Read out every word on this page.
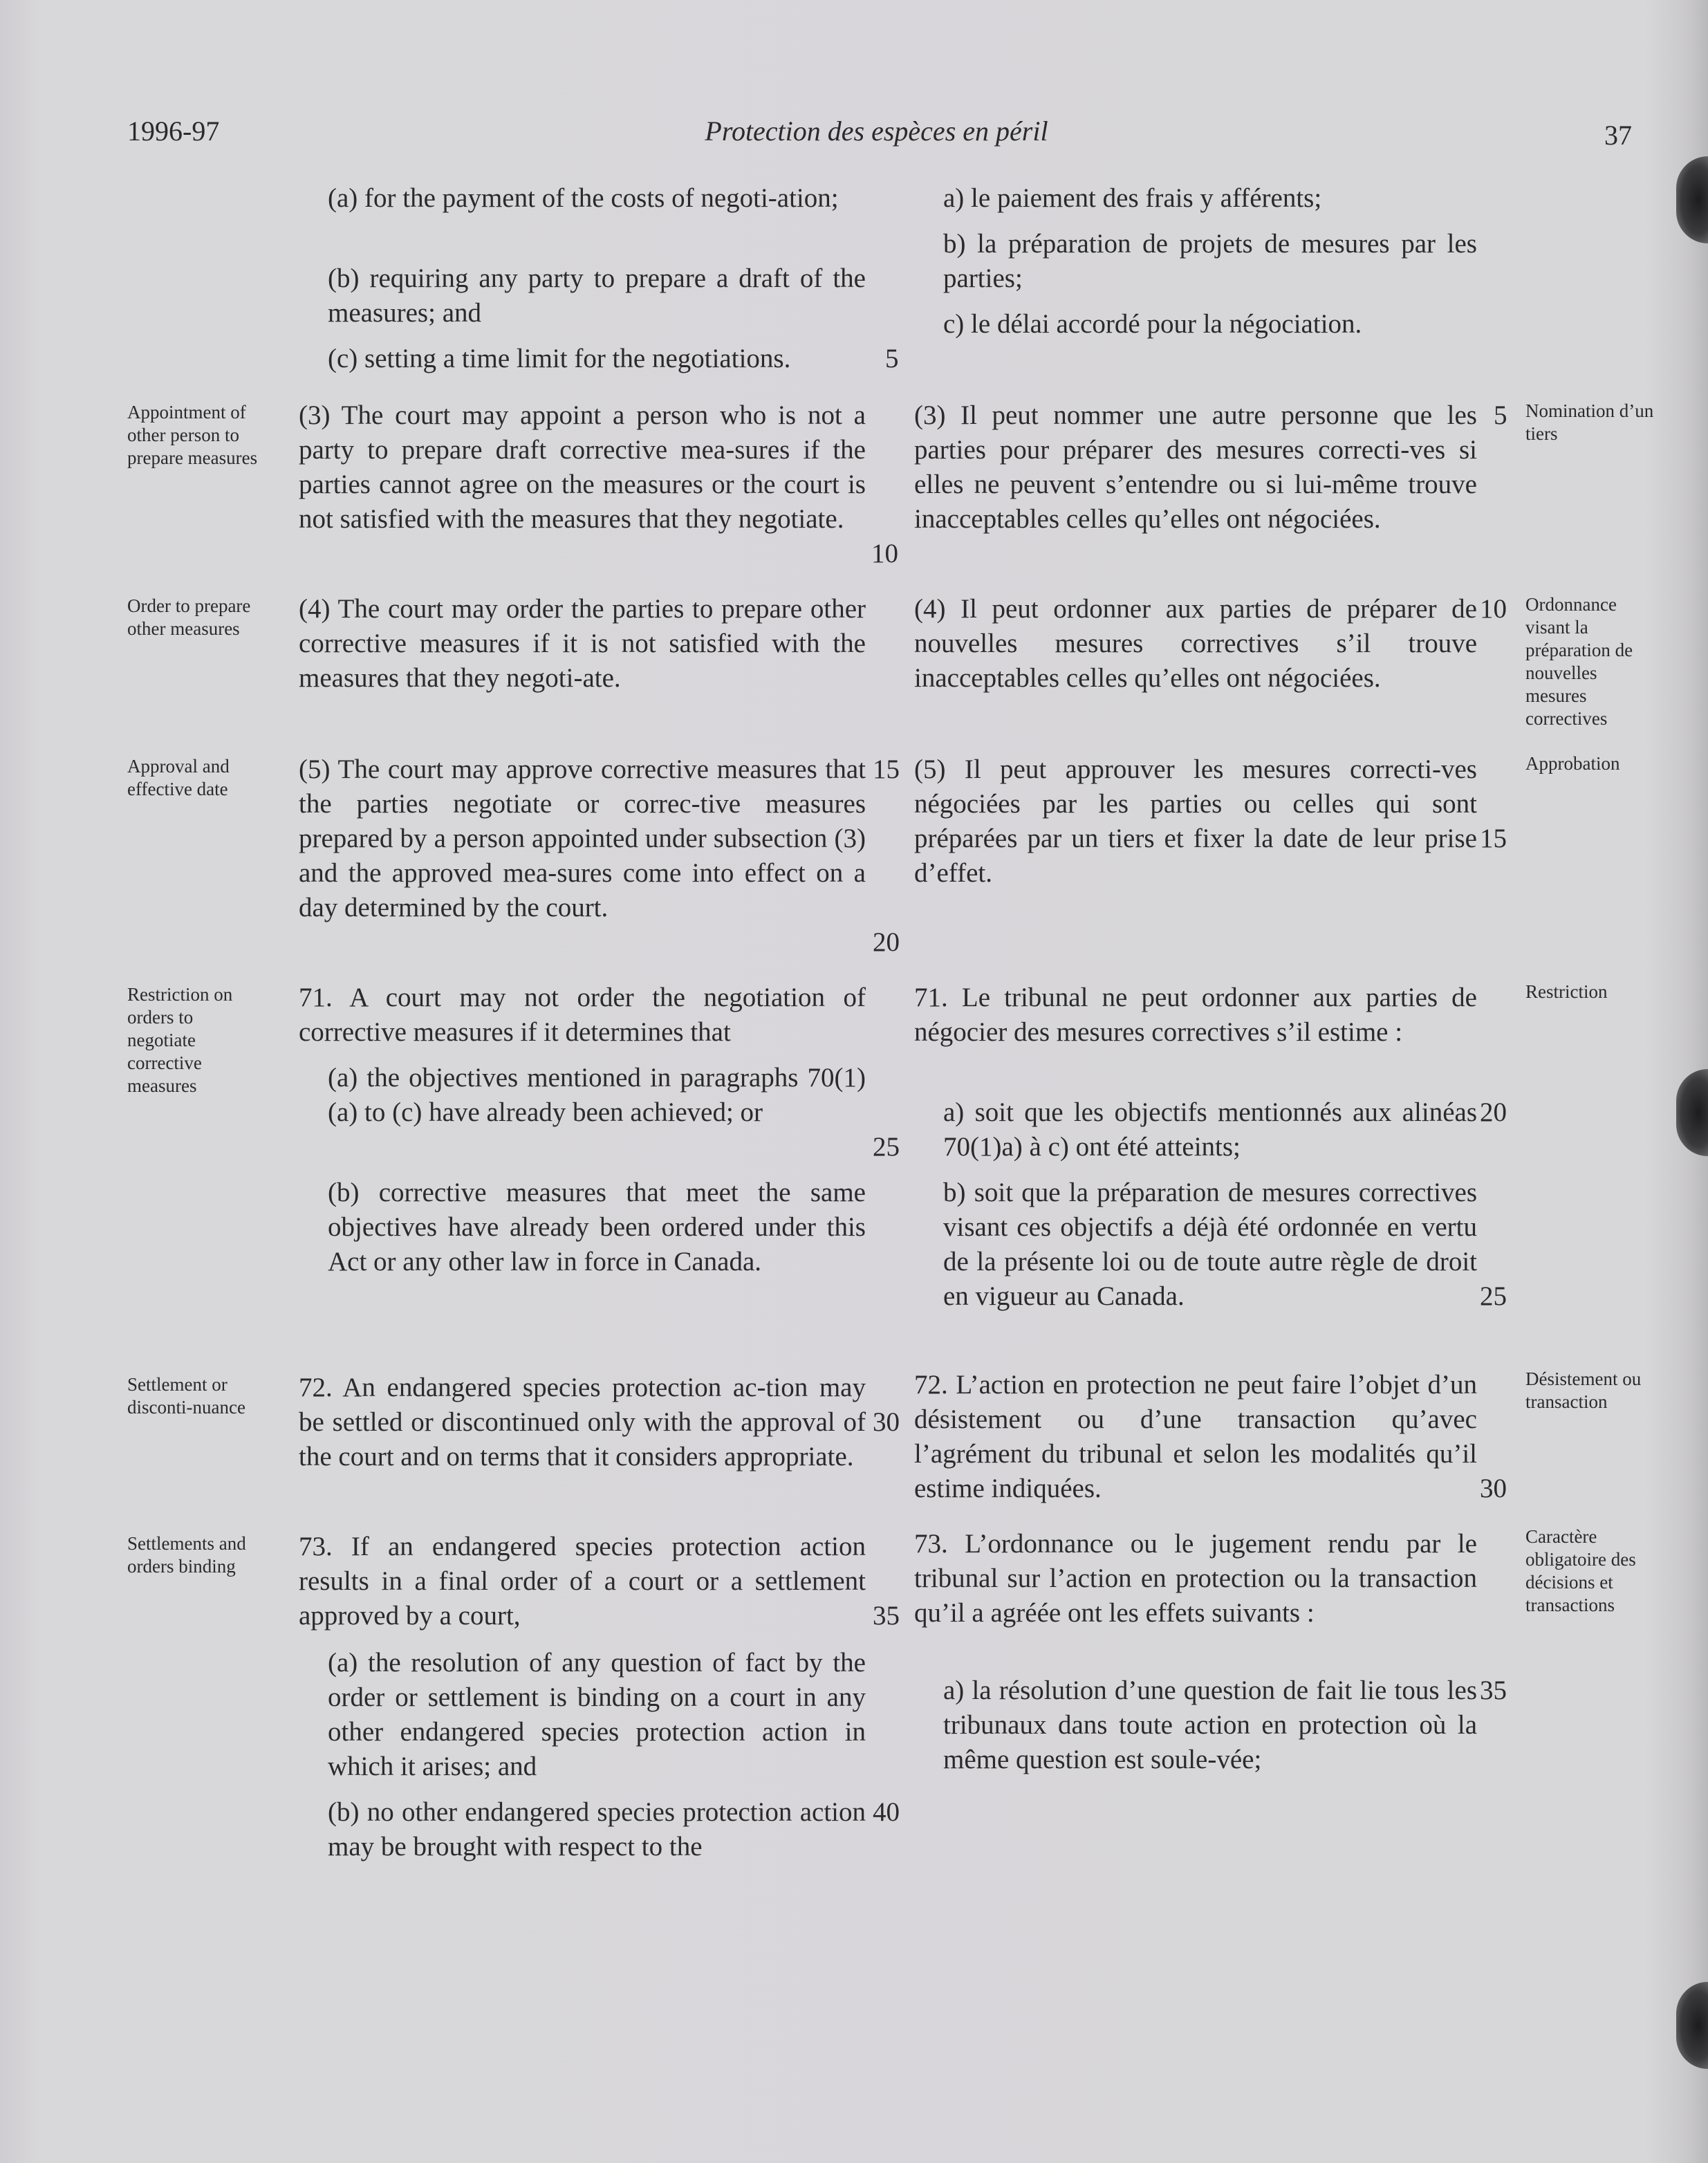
1996-97	Protection des espèces en péril	37
(a) for the payment of the costs of negoti-ation;
(b) requiring any party to prepare a draft of the measures; and
(c) setting a time limit for the negotiations.
(3) The court may appoint a person who is not a party to prepare draft corrective mea-sures if the parties cannot agree on the measures or the court is not satisfied with the measures that they negotiate.
(4) The court may order the parties to prepare other corrective measures if it is not satisfied with the measures that they negoti-ate.
(5) The court may approve corrective measures that the parties negotiate or correc-tive measures prepared by a person appointed under subsection (3) and the approved mea-sures come into effect on a day determined by the court.
71. A court may not order the negotiation of corrective measures if it determines that
(a) the objectives mentioned in paragraphs 70(1)(a) to (c) have already been achieved; or
(b) corrective measures that meet the same objectives have already been ordered under this Act or any other law in force in Canada.
72. An endangered species protection ac-tion may be settled or discontinued only with the approval of the court and on terms that it considers appropriate.
73. If an endangered species protection action results in a final order of a court or a settlement approved by a court,
(a) the resolution of any question of fact by the order or settlement is binding on a court in any other endangered species protection action in which it arises; and
(b) no other endangered species protection action may be brought with respect to the
a) le paiement des frais y afférents;
b) la préparation de projets de mesures par les parties;
c) le délai accordé pour la négociation.
(3) Il peut nommer une autre personne que les parties pour préparer des mesures correcti-ves si elles ne peuvent s’entendre ou si lui-même trouve inacceptables celles qu’elles ont négociées.
(4) Il peut ordonner aux parties de préparer de nouvelles mesures correctives s’il trouve inacceptables celles qu’elles ont négociées.
(5) Il peut approuver les mesures correcti-ves négociées par les parties ou celles qui sont préparées par un tiers et fixer la date de leur prise d’effet.
71. Le tribunal ne peut ordonner aux parties de négocier des mesures correctives s’il estime :
a) soit que les objectifs mentionnés aux alinéas 70(1)a) à c) ont été atteints;
b) soit que la préparation de mesures correctives visant ces objectifs a déjà été ordonnée en vertu de la présente loi ou de toute autre règle de droit en vigueur au Canada.
72. L’action en protection ne peut faire l’objet d’un désistement ou d’une transaction qu’avec l’agrément du tribunal et selon les modalités qu’il estime indiquées.
73. L’ordonnance ou le jugement rendu par le tribunal sur l’action en protection ou la transaction qu’il a agréée ont les effets suivants :
a) la résolution d’une question de fait lie tous les tribunaux dans toute action en protection où la même question est soule-vée;
5
10
15
20
25
30
35
40
5
10
15
20
25
30
35
Appointment of other person to prepare measures
Order to prepare other measures
Approval and effective date
Restriction on orders to negotiate corrective measures
Settlement or disconti-nuance
Settlements and orders binding
Nomination d’un tiers
Ordonnance visant la préparation de nouvelles mesures correctives
Approbation
Restriction
Désistement ou transaction
Caractère obligatoire des décisions et transactions
